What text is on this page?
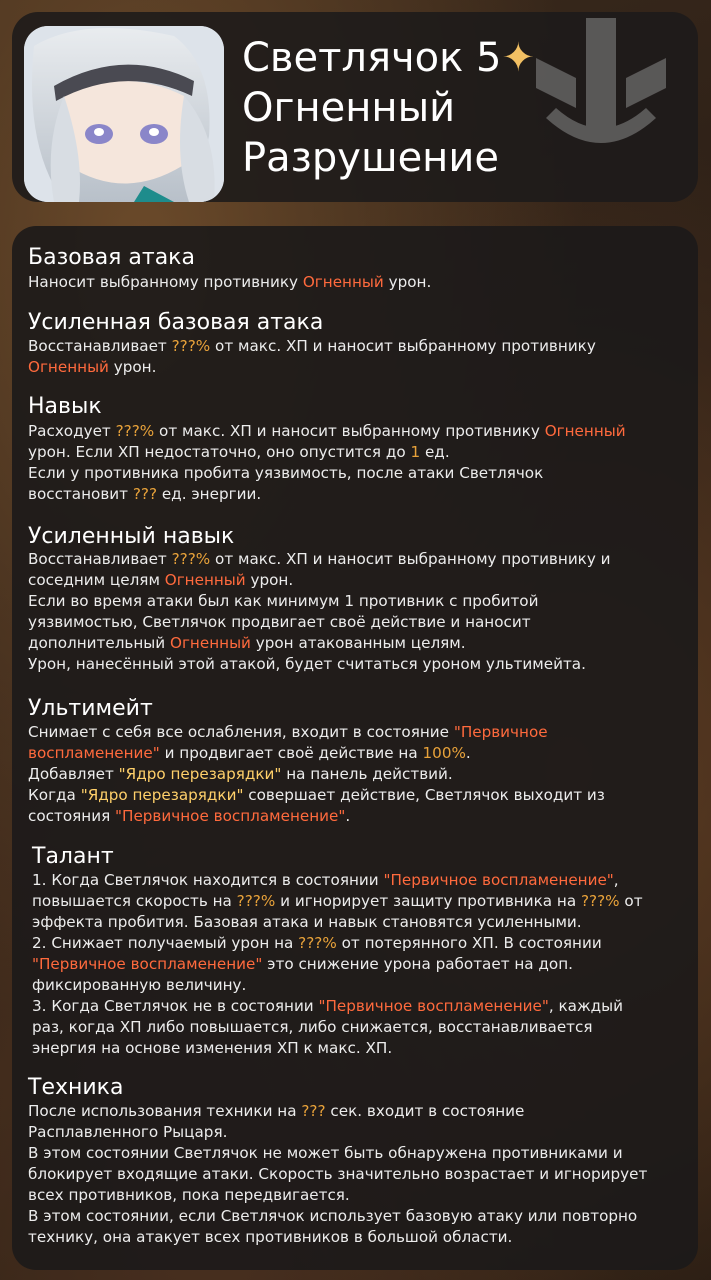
Светлячок 5✦
Огненный
Разрушение
Базовая атака
Наносит выбранному противнику Огненный урон.
Усиленная базовая атака
Восстанавливает ???% от макс. ХП и наносит выбранному противнику
Огненный урон.
Навык
Расходует ???% от макс. ХП и наносит выбранному противнику Огненный
урон. Если ХП недостаточно, оно опустится до 1 ед.
Если у противника пробита уязвимость, после атаки Светлячок
восстановит ??? ед. энергии.
Усиленный навык
Восстанавливает ???% от макс. ХП и наносит выбранному противнику и
соседним целям Огненный урон.
Если во время атаки был как минимум 1 противник с пробитой
уязвимостью, Светлячок продвигает своё действие и наносит
дополнительный Огненный урон атакованным целям.
Урон, нанесённый этой атакой, будет считаться уроном ультимейта.
Ультимейт
Снимает с себя все ослабления, входит в состояние "Первичное
воспламенение" и продвигает своё действие на 100%.
Добавляет "Ядро перезарядки" на панель действий.
Когда "Ядро перезарядки" совершает действие, Светлячок выходит из
состояния "Первичное воспламенение".
Талант
1. Когда Светлячок находится в состоянии "Первичное воспламенение",
повышается скорость на ???% и игнорирует защиту противника на ???% от
эффекта пробития. Базовая атака и навык становятся усиленными.
2. Снижает получаемый урон на ???% от потерянного ХП. В состоянии
"Первичное воспламенение" это снижение урона работает на доп.
фиксированную величину.
3. Когда Светлячок не в состоянии "Первичное воспламенение", каждый
раз, когда ХП либо повышается, либо снижается, восстанавливается
энергия на основе изменения ХП к макс. ХП.
Техника
После использования техники на ??? сек. входит в состояние
Расплавленного Рыцаря.
В этом состоянии Светлячок не может быть обнаружена противниками и
блокирует входящие атаки. Скорость значительно возрастает и игнорирует
всех противников, пока передвигается.
В этом состоянии, если Светлячок использует базовую атаку или повторно
технику, она атакует всех противников в большой области.
